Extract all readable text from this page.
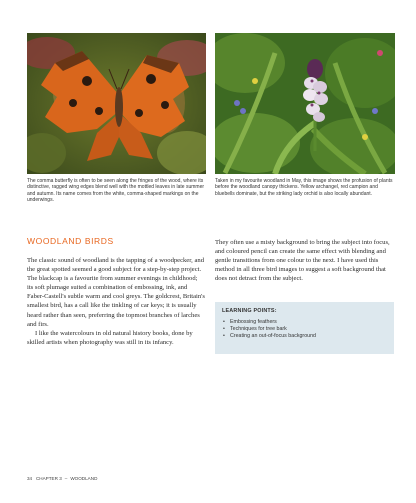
The comma butterfly is often to be seen along the fringes of the wood, where its distinctive, ragged wing edges blend well with the mottled leaves in late summer and autumn. Its name comes from the white, comma-shaped markings on the underwings.
Taken in my favourite woodland in May, this image shows the profusion of plants before the woodland canopy thickens. Yellow archangel, red campion and bluebells dominate, but the striking lady orchid is also locally abundant.
WOODLAND BIRDS

The classic sound of woodland is the tapping of a woodpecker, and the great spotted seemed a good subject for a step-by-step project. The blackcap is a favourite from summer evenings in childhood; its soft plumage suited a combination of embossing, ink, and Faber-Castell's subtle warm and cool greys. The goldcrest, Britain's smallest bird, has a call like the tinkling of car keys; it is usually heard rather than seen, preferring the topmost branches of larches and firs.

I like the watercolours in old natural history books, done by skilled artists when photography was still in its infancy.

They often use a misty background to bring the subject into focus, and coloured pencil can create the same effect with blending and gentle transitions from one colour to the next. I have used this method in all three bird images to suggest a soft background that does not detract from the subject.

LEARNING POINTS:
• Embossing feathers
• Techniques for tree bark
• Creating an out-of-focus background
34 CHAPTER 3 – WOODLAND
